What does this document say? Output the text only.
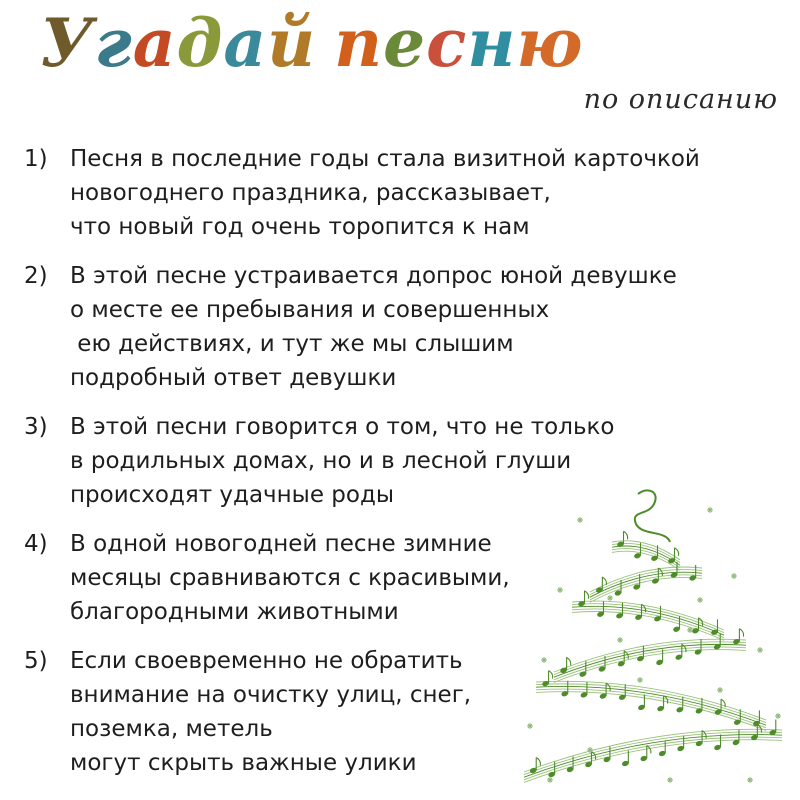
Угадай песню
по описанию
1) Песня в последние годы стала визитной карточкой
новогоднего праздника, рассказывает,
что новый год очень торопится к нам
2) В этой песне устраивается допрос юной девушке
о месте ее пребывания и совершенных
ею действиях, и тут же мы слышим
подробный ответ девушки
3) В этой песни говорится о том, что не только
в родильных домах, но и в лесной глуши
происходят удачные роды
4) В одной новогодней песне зимние
месяцы сравниваются с красивыми,
благородными животными
5) Если своевременно не обратить
внимание на очистку улиц, снег,
поземка, метель
могут скрыть важные улики
